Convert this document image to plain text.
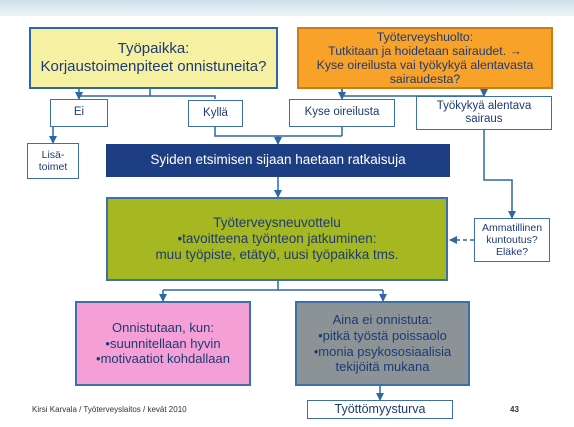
Työpaikka:
Korjaustoimenpiteet onnistuneita?
Työterveyshuolto:
Tutkitaan ja hoidetaan sairaudet. →
Kyse oireilusta vai työkykyä alentavasta
sairaudesta?
Ei	Kyllä	Kyse oireilusta
Työkykyä alentava
sairaus
Lisä-
toimet	Syiden etsimisen sijaan haetaan ratkaisuja
Työterveysneuvottelu
•tavoitteena työnteon jatkuminen:
muu työpiste, etätyö, uusi työpaikka tms.
Ammatillinen
kuntoutus?
Eläke?
Onnistutaan, kun:
•suunnitellaan hyvin
•motivaatiot kohdallaan
Aina ei onnistuta:
•pitkä työstä poissaolo
•monia psykososiaalisia
tekijöitä mukana
Työttömyysturva
Kirsi Karvala / Työterveyslaitos / kevät 2010	43
